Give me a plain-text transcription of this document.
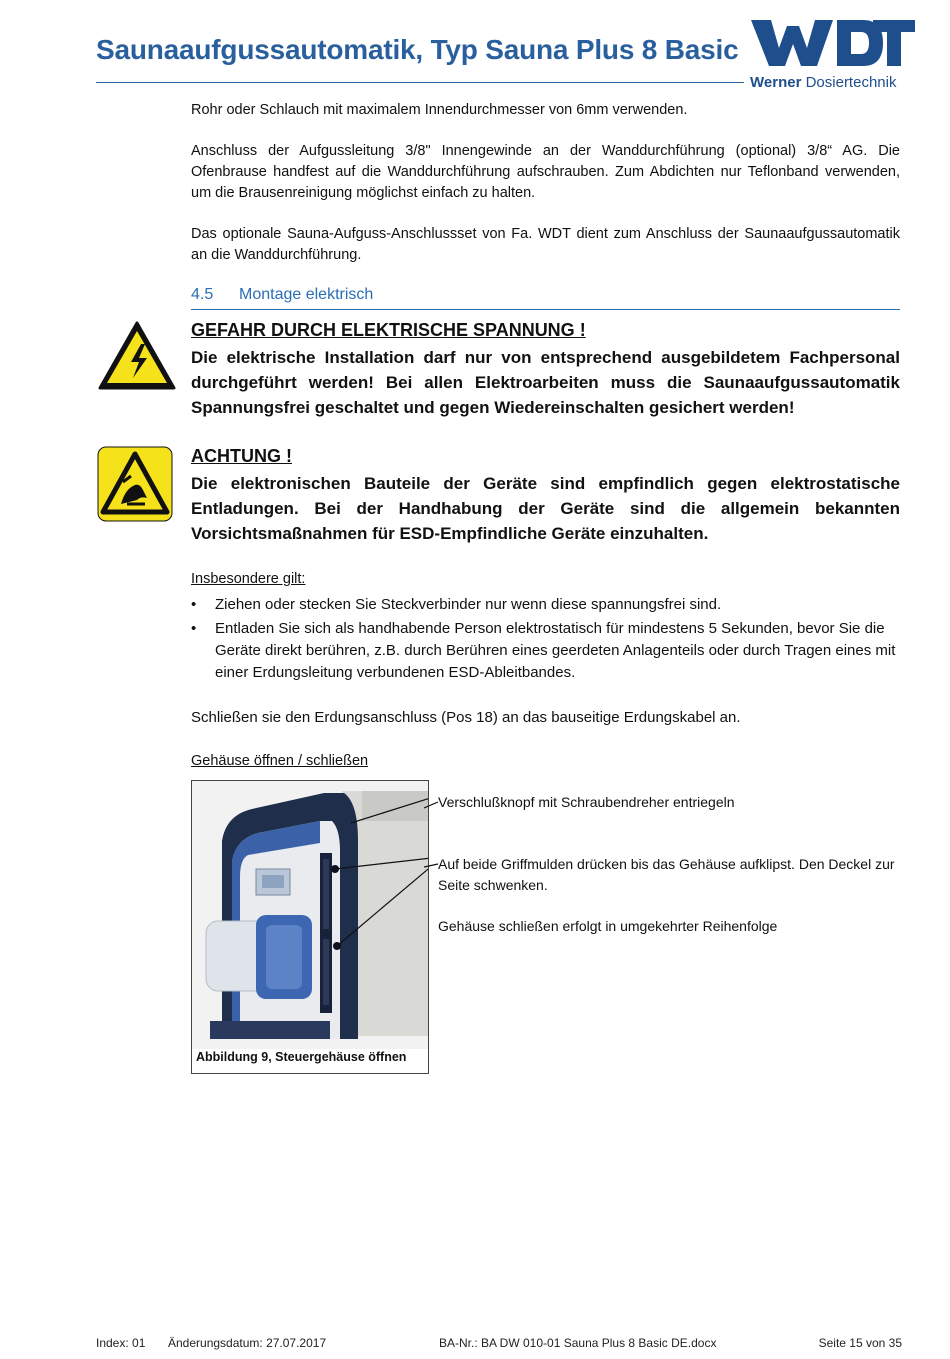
Saunaaufgussautomatik, Typ Sauna Plus 8 Basic
Werner Dosiertechnik
Rohr oder Schlauch mit maximalem Innendurchmesser von 6mm verwenden.
Anschluss der Aufgussleitung 3/8" Innengewinde an der Wanddurchführung (optional) 3/8“ AG. Die Ofenbrause handfest auf die Wanddurchführung aufschrauben. Zum Abdichten nur Teflonband verwenden, um die Brausenreinigung möglichst einfach zu halten.
Das optionale Sauna-Aufguss-Anschlussset von Fa. WDT dient zum Anschluss der Saunaaufgussautomatik an die Wanddurchführung.
4.5 Montage elektrisch
GEFAHR DURCH ELEKTRISCHE SPANNUNG !
Die elektrische Installation darf nur von entsprechend ausgebildetem Fachpersonal durchgeführt werden! Bei allen Elektroarbeiten muss die Saunaaufgussautomatik Spannungsfrei geschaltet und gegen Wiedereinschalten gesichert werden!
ACHTUNG !
Die elektronischen Bauteile der Geräte sind empfindlich gegen elektrostatische Entladungen. Bei der Handhabung der Geräte sind die allgemein bekannten Vorsichtsmaßnahmen für ESD-Empfindliche Geräte einzuhalten.
Insbesondere gilt:
• Ziehen oder stecken Sie Steckverbinder nur wenn diese spannungsfrei sind.
• Entladen Sie sich als handhabende Person elektrostatisch für mindestens 5 Sekunden, bevor Sie die Geräte direkt berühren, z.B. durch Berühren eines geerdeten Anlagenteils oder durch Tragen eines mit einer Erdungsleitung verbundenen ESD-Ableitbandes.
Schließen sie den Erdungsanschluss (Pos 18) an das bauseitige Erdungskabel an.
Gehäuse öffnen / schließen
Abbildung 9, Steuergehäuse öffnen
Verschlußknopf mit Schraubendreher entriegeln
Auf beide Griffmulden drücken bis das Gehäuse aufklipst. Den Deckel zur Seite schwenken.
Gehäuse schließen erfolgt in umgekehrter Reihenfolge
Index: 01 Änderungsdatum: 27.07.2017	BA-Nr.: BA DW 010-01 Sauna Plus 8 Basic DE.docx	Seite 15 von 35
